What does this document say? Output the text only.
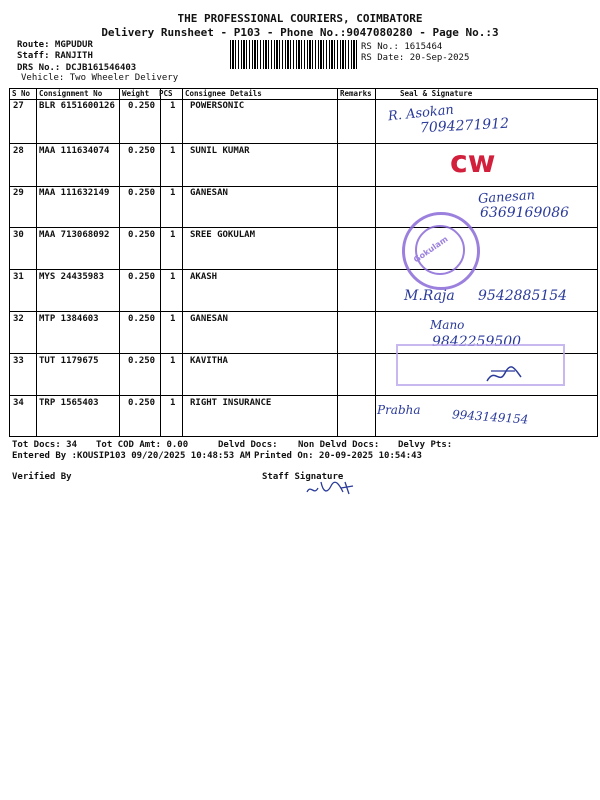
THE PROFESSIONAL COURIERS, COIMBATORE
Delivery Runsheet - P103 - Phone No.:9047080280 - Page No.:3
Route: MGPUDUR
Staff: RANJITH
DRS No.: DCJB161546403
Vehicle: Two Wheeler Delivery
RS No.: 1615464
RS Date: 20-Sep-2025
S No Consignment No	Weight PCS Consignee Details	Remarks	Seal & Signature
27 BLR 6151600126 0.250 1 POWERSONIC
28 MAA 111634074 0.250 1 SUNIL KUMAR
29 MAA 111632149 0.250 1 GANESAN
30 MAA 713068092 0.250 1 SREE GOKULAM
31 MYS 24435983	0.250 1 AKASH
32 MTP 1384603	0.250 1 GANESAN
33 TUT 1179675	0.250 1 KAVITHA
34 TRP 1565403	0.250 1 RIGHT INSURANCE
R. Asokan
7094271912
cw
Ganesan
6369169086
Gokulam
M.Raja 9542885154
Mano
9842259500
Prabha	9943149154
Tot Docs: 34 Tot COD Amt: 0.00	Delvd Docs: Non Delvd Docs: Delvy Pts:
Entered By :KOUSIP103 09/20/2025 10:48:53 AM Printed On: 20-09-2025 10:54:43
Verified By	Staff Signature
